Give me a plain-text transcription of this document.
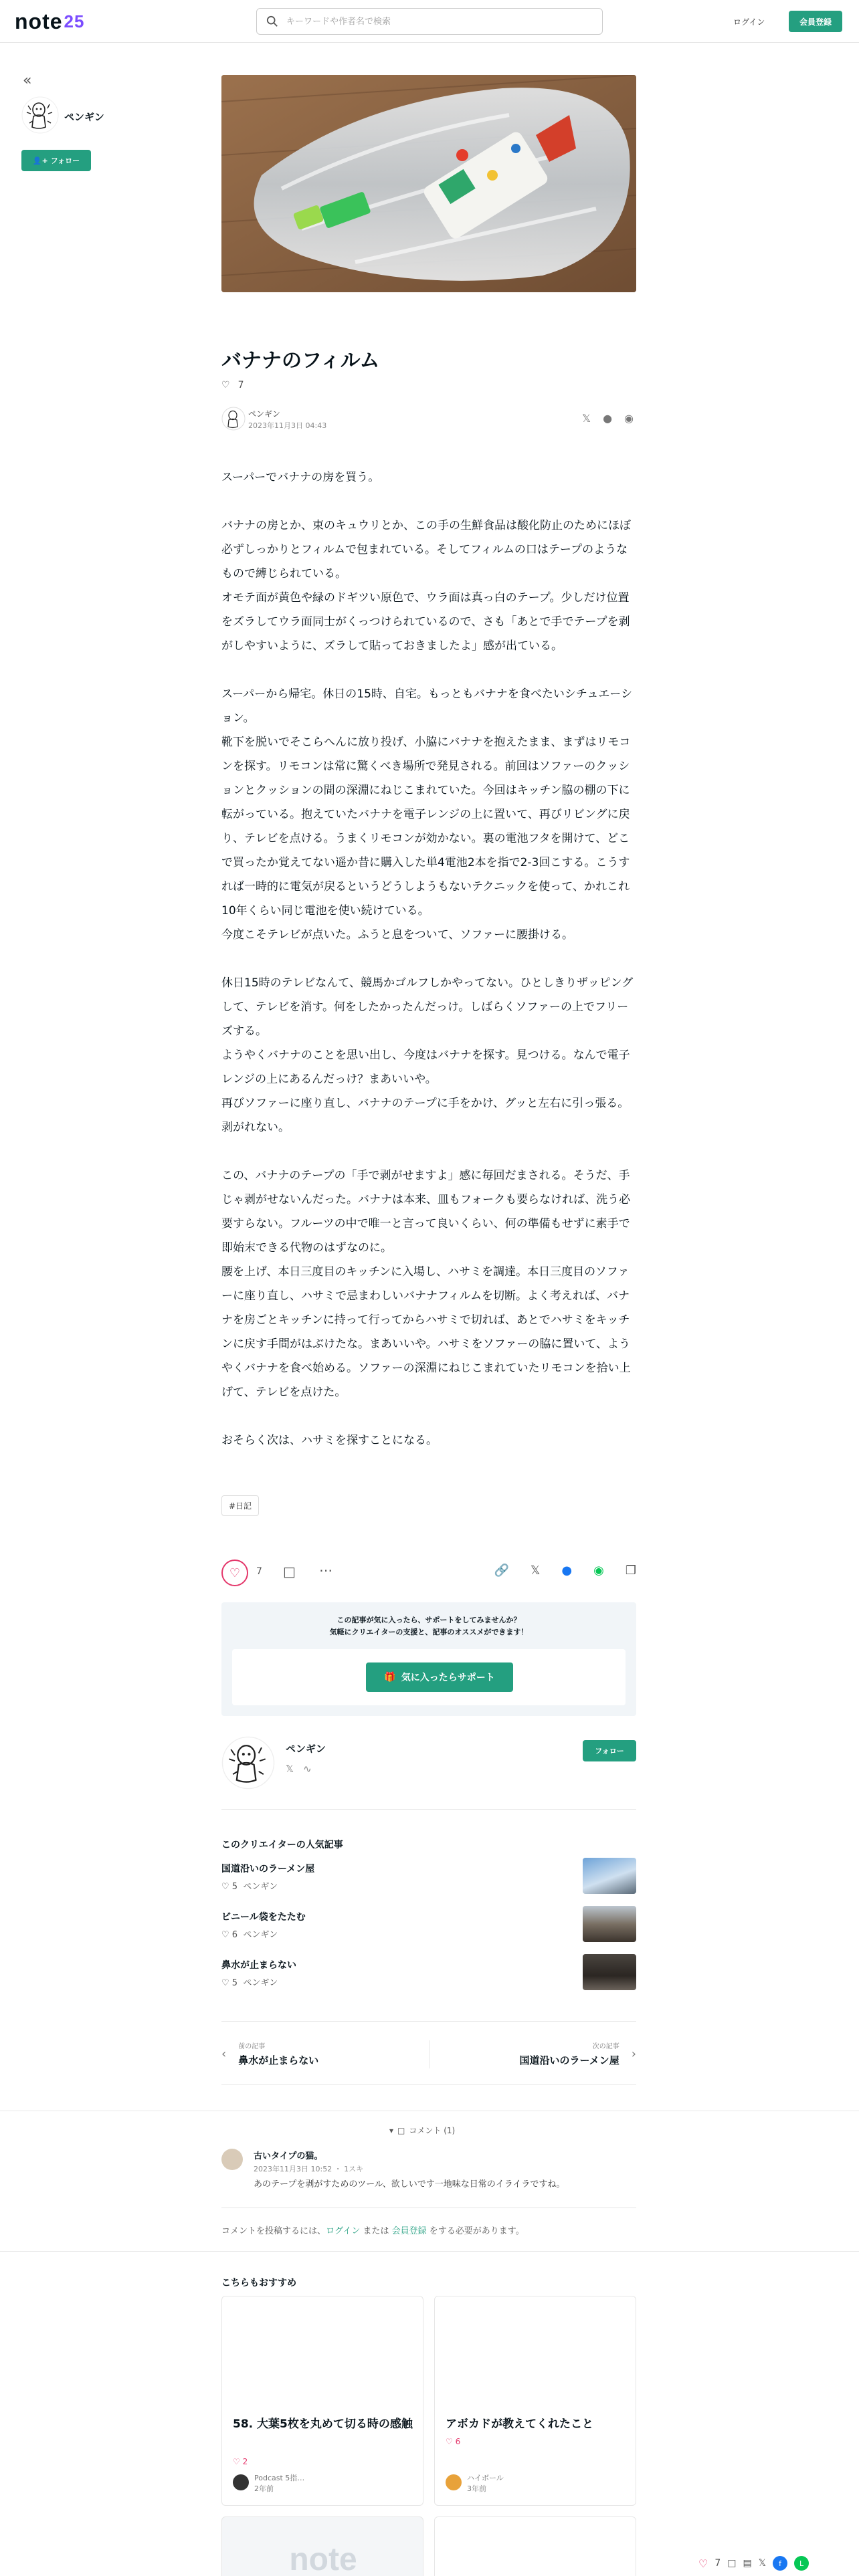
note 25
キーワードや作者名で検索	ログイン	会員登録
«
ペンギン
👤+ フォロー
バナナのフィルム
♡ 7
ペンギン
2023年11月3日 04:43
𝕏 ● ◉

スーパーでバナナの房を買う。

バナナの房とか、束のキュウリとか、この手の生鮮食品は酸化防止のためにほぼ必ずしっかりとフィルムで包まれている。そしてフィルムの口はテープのようなもので縛じられている。

オモテ面が黄色や緑のドギツい原色で、ウラ面は真っ白のテープ。少しだけ位置をズラしてウラ面同士がくっつけられているので、さも「あとで手でテープを剥がしやすいように、ズラして貼っておきましたよ」感が出ている。

スーパーから帰宅。休日の15時、自宅。もっともバナナを食べたいシチュエーション。

靴下を脱いでそこらへんに放り投げ、小脇にバナナを抱えたまま、まずはリモコンを探す。リモコンは常に驚くべき場所で発見される。前回はソファーのクッションとクッションの間の深淵にねじこまれていた。今回はキッチン脇の棚の下に転がっている。抱えていたバナナを電子レンジの上に置いて、再びリビングに戻り、テレビを点ける。うまくリモコンが効かない。裏の電池フタを開けて、どこで買ったか覚えてない遥か昔に購入した単4電池2本を指で2-3回こする。こうすれば一時的に電気が戻るというどうしようもないテクニックを使って、かれこれ10年くらい同じ電池を使い続けている。

今度こそテレビが点いた。ふうと息をついて、ソファーに腰掛ける。

休日15時のテレビなんて、競馬かゴルフしかやってない。ひとしきりザッピングして、テレビを消す。何をしたかったんだっけ。しばらくソファーの上でフリーズする。

ようやくバナナのことを思い出し、今度はバナナを探す。見つける。なんで電子レンジの上にあるんだっけ？まあいいや。

再びソファーに座り直し、バナナのテープに手をかけ、グッと左右に引っ張る。剥がれない。

この、バナナのテープの「手で剥がせますよ」感に毎回だまされる。そうだ、手じゃ剥がせないんだった。バナナは本来、皿もフォークも要らなければ、洗う必要すらない。フルーツの中で唯一と言って良いくらい、何の準備もせずに素手で即始末できる代物のはずなのに。

腰を上げ、本日三度目のキッチンに入場し、ハサミを調達。本日三度目のソファーに座り直し、ハサミで忌まわしいバナナフィルムを切断。よく考えれば、バナナを房ごとキッチンに持って行ってからハサミで切れば、あとでハサミをキッチンに戻す手間がはぶけたな。まあいいや。ハサミをソファーの脇に置いて、ようやくバナナを食べ始める。ソファーの深淵にねじこまれていたリモコンを拾い上げて、テレビを点けた。

おそらく次は、ハサミを探すことになる。

#日記
♡ 7 □ ⋯	🔗 𝕏 ● ◉ ❐
この記事が気に入ったら、サポートをしてみませんか？
気軽にクリエイターの支援と、記事のオススメができます！
🎁 気に入ったらサポート
ペンギン
𝕏 ∿
フォロー
このクリエイターの人気記事
国道沿いのラーメン屋
♡ 5 ペンギン
ビニール袋をたたむ
♡ 6 ペンギン
鼻水が止まらない
♡ 5 ペンギン
‹ 前の記事
鼻水が止まらない
次の記事
国道沿いのラーメン屋 ›
▾ □ コメント (1)
古いタイプの猫。
2023年11月3日 10:52 ・ 1スキ
あのテープを剥がすためのツール、欲しいです一地味な日常のイライラですね。
コメントを投稿するには、ログイン または 会員登録 をする必要があります。
こちらもおすすめ
58. 大葉5枚を丸めて切る時の感触
♡ 2
Podcast 5指…
2年前
アボカドが教えてくれたこと
♡ 6
ハイボール
3年前
note	♡ 7 □ ▤ 𝕏	f	L
